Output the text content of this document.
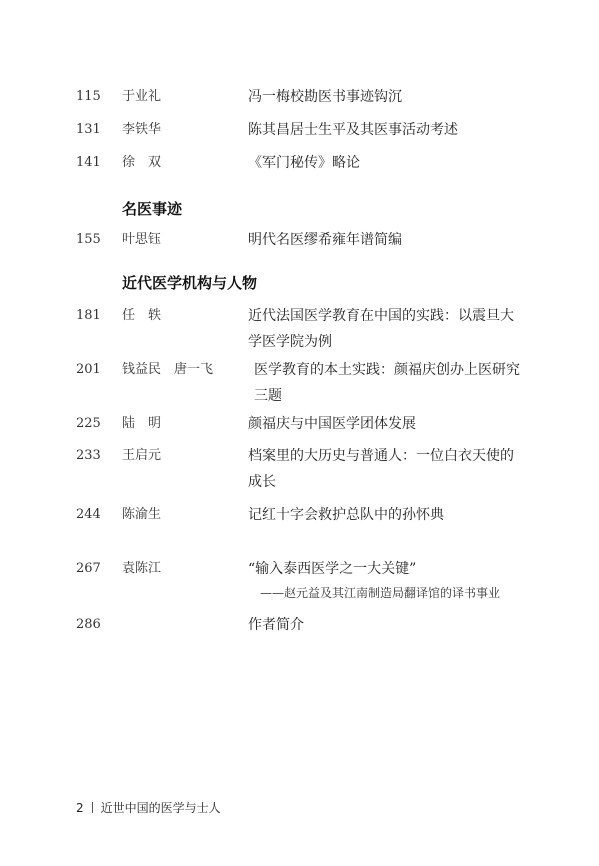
115 于业礼	冯一梅校勘医书事迹钩沉
131 李铁华	陈其昌居士生平及其医事活动考述
141 徐　双	《军门秘传》略论
名医事迹
155 叶思钰	明代名医缪希雍年谱简编
近代医学机构与人物
181 任　轶	近代法国医学教育在中国的实践：以震旦大
学医学院为例
201 钱益民　唐一飞	医学教育的本土实践：颜福庆创办上医研究
三题
225 陆　明	颜福庆与中国医学团体发展
233 王启元	档案里的大历史与普通人：一位白衣天使的
成长
244 陈渝生	记红十字会救护总队中的孙怀典
267 袁陈江	“输入泰西医学之一大关键”
——赵元益及其江南制造局翻译馆的译书事业
286	作者简介
2 近世中国的医学与士人
